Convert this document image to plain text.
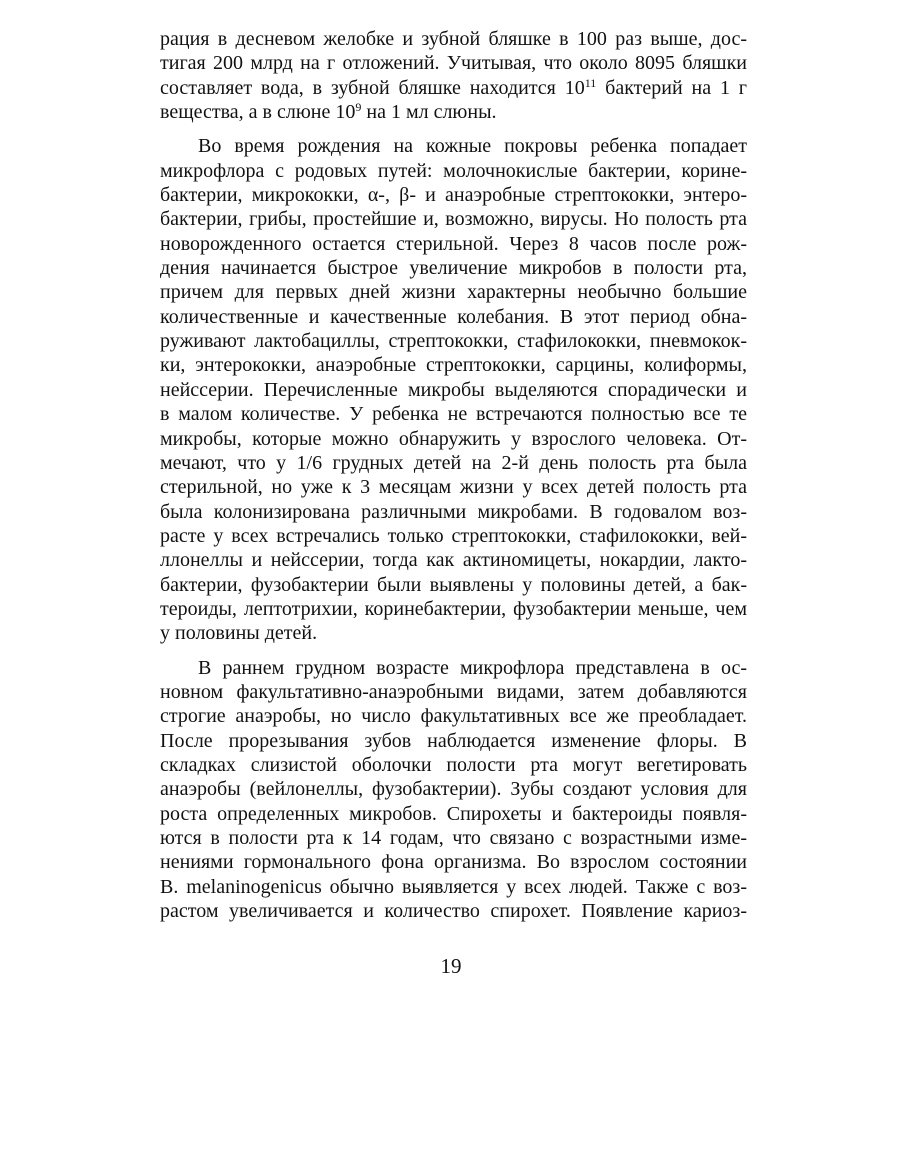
рация в десневом желобке и зубной бляшке в 100 раз выше, дос-
тигая 200 млрд на г отложений. Учитывая, что около 8095 бляшки
составляет вода, в зубной бляшке находится $10^{11}$ бактерий на 1 г
вещества, а в слюне $10^9$ на 1 мл слюны.
Во время рождения на кожные покровы ребенка попадает
микрофлора с родовых путей: молочнокислые бактерии, корине-
бактерии, микрококки, α-, β- и анаэробные стрептококки, энтеро-
бактерии, грибы, простейшие и, возможно, вирусы. Но полость рта
новорожденного остается стерильной. Через 8 часов после рож-
дения начинается быстрое увеличение микробов в полости рта,
причем для первых дней жизни характерны необычно большие
количественные и качественные колебания. В этот период обна-
руживают лактобациллы, стрептококки, стафилококки, пневмокок-
ки, энтерококки, анаэробные стрептококки, сарцины, колиформы,
нейссерии. Перечисленные микробы выделяются спорадически и
в малом количестве. У ребенка не встречаются полностью все те
микробы, которые можно обнаружить у взрослого человека. От-
мечают, что у 1/6 грудных детей на 2-й день полость рта была
стерильной, но уже к 3 месяцам жизни у всех детей полость рта
была колонизирована различными микробами. В годовалом воз-
расте у всех встречались только стрептококки, стафилококки, вей-
ллонеллы и нейссерии, тогда как актиномицеты, нокардии, лакто-
бактерии, фузобактерии были выявлены у половины детей, а бак-
тероиды, лептотрихии, коринебактерии, фузобактерии меньше, чем
у половины детей.
В раннем грудном возрасте микрофлора представлена в ос-
новном факультативно-анаэробными видами, затем добавляются
строгие анаэробы, но число факультативных все же преобладает.
После прорезывания зубов наблюдается изменение флоры. В
складках слизистой оболочки полости рта могут вегетировать
анаэробы (вейлонеллы, фузобактерии). Зубы создают условия для
роста определенных микробов. Спирохеты и бактероиды появля-
ются в полости рта к 14 годам, что связано с возрастными изме-
нениями гормонального фона организма. Во взрослом состоянии
B. melaninogenicus обычно выявляется у всех людей. Также с воз-
растом увеличивается и количество спирохет. Появление кариоз-
19
